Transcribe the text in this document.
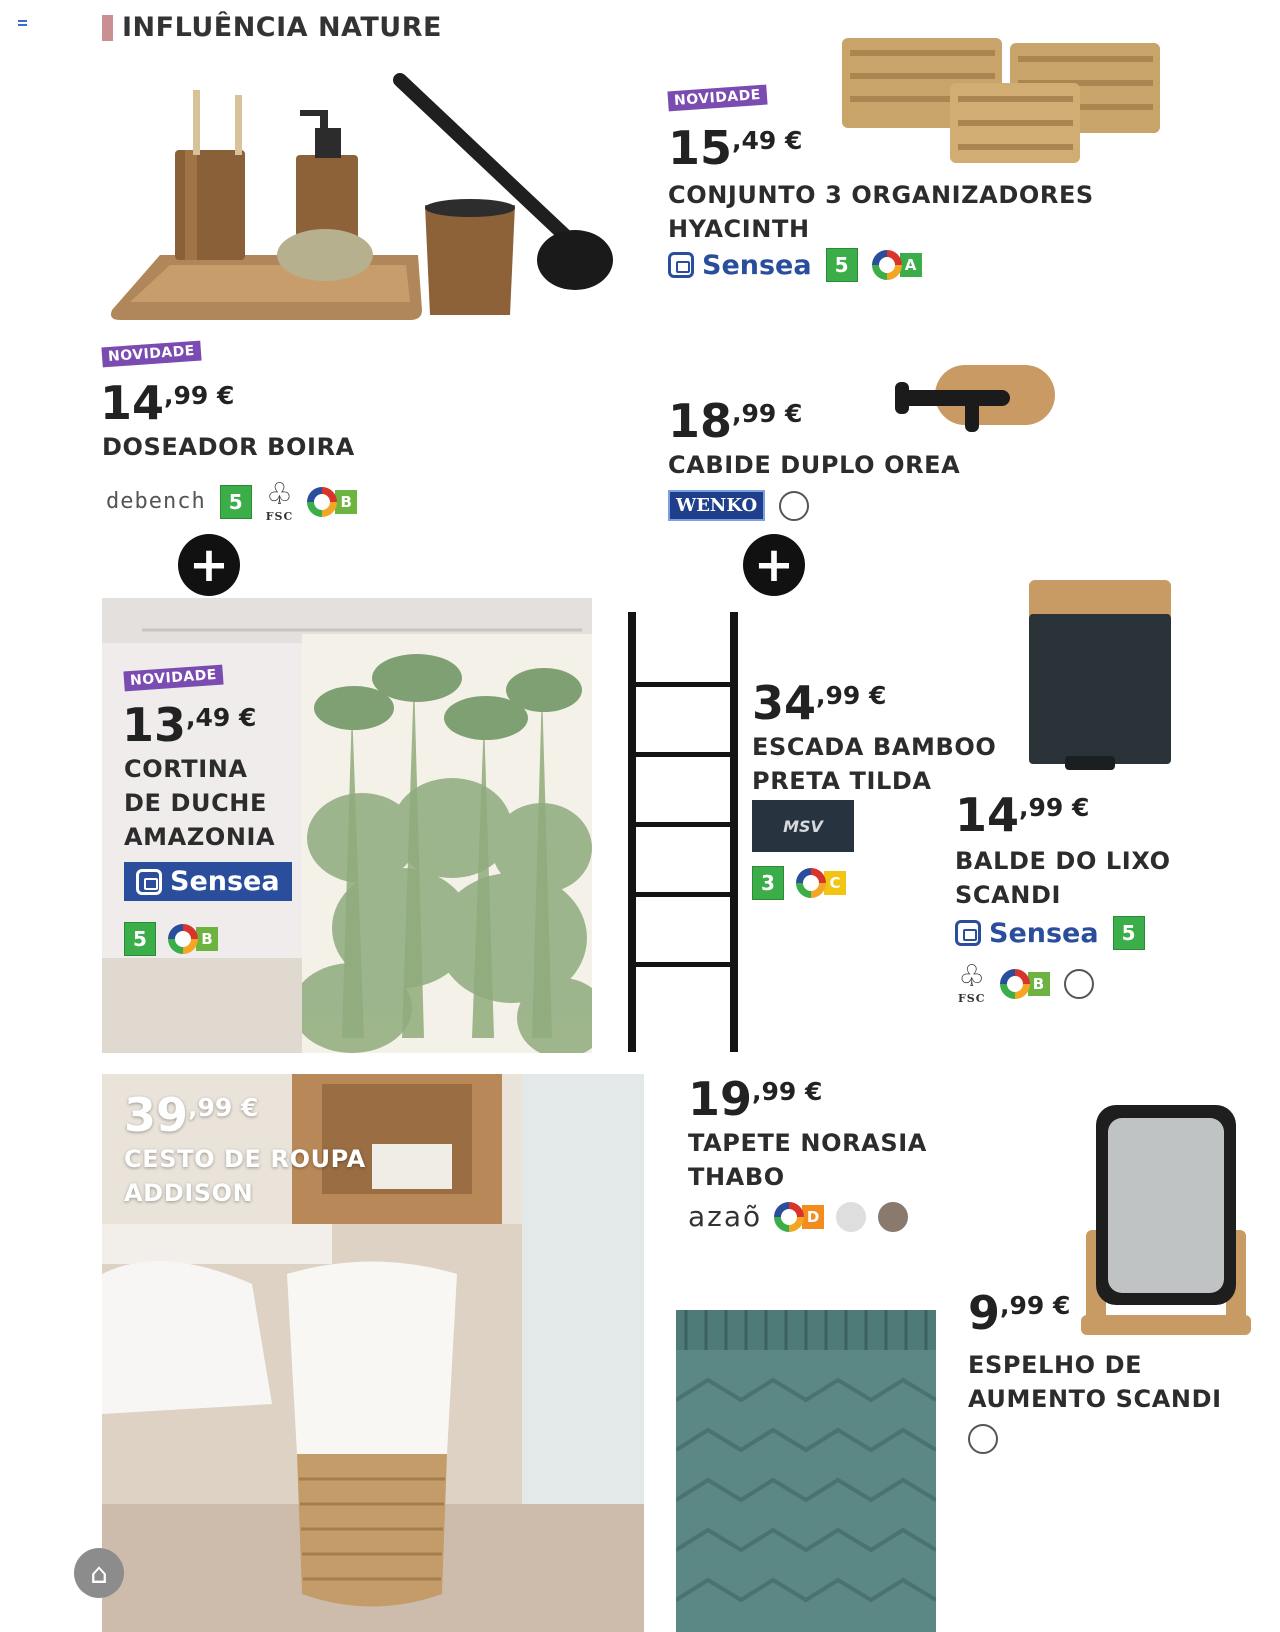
INFLUÊNCIA NATURE
NOVIDADE
15 ,49 €
CONJUNTO 3 ORGANIZADORES
HYACINTH
Sensea	5	A
NOVIDADE
14 ,99 €
DOSEADOR BOIRA
debench	5 ♧
FSC
B
18 ,99 €
CABIDE DUPLO OREA
WENKO
+	+
NOVIDADE
13 ,49 €
CORTINA
DE DUCHE
AMAZONIA
Sensea
5	B
34 ,99 €
ESCADA BAMBOO
PRETA TILDA
MSV
3	C
14 ,99 €
BALDE DO LIXO
SCANDI
Sensea	5
♧
FSC
B
39 ,99 €
CESTO DE ROUPA
ADDISON
19 ,99 €
TAPETE NORASIA
THABO
azaõ	D
9 ,99 €
ESPELHO DE
AUMENTO SCANDI
⌂
